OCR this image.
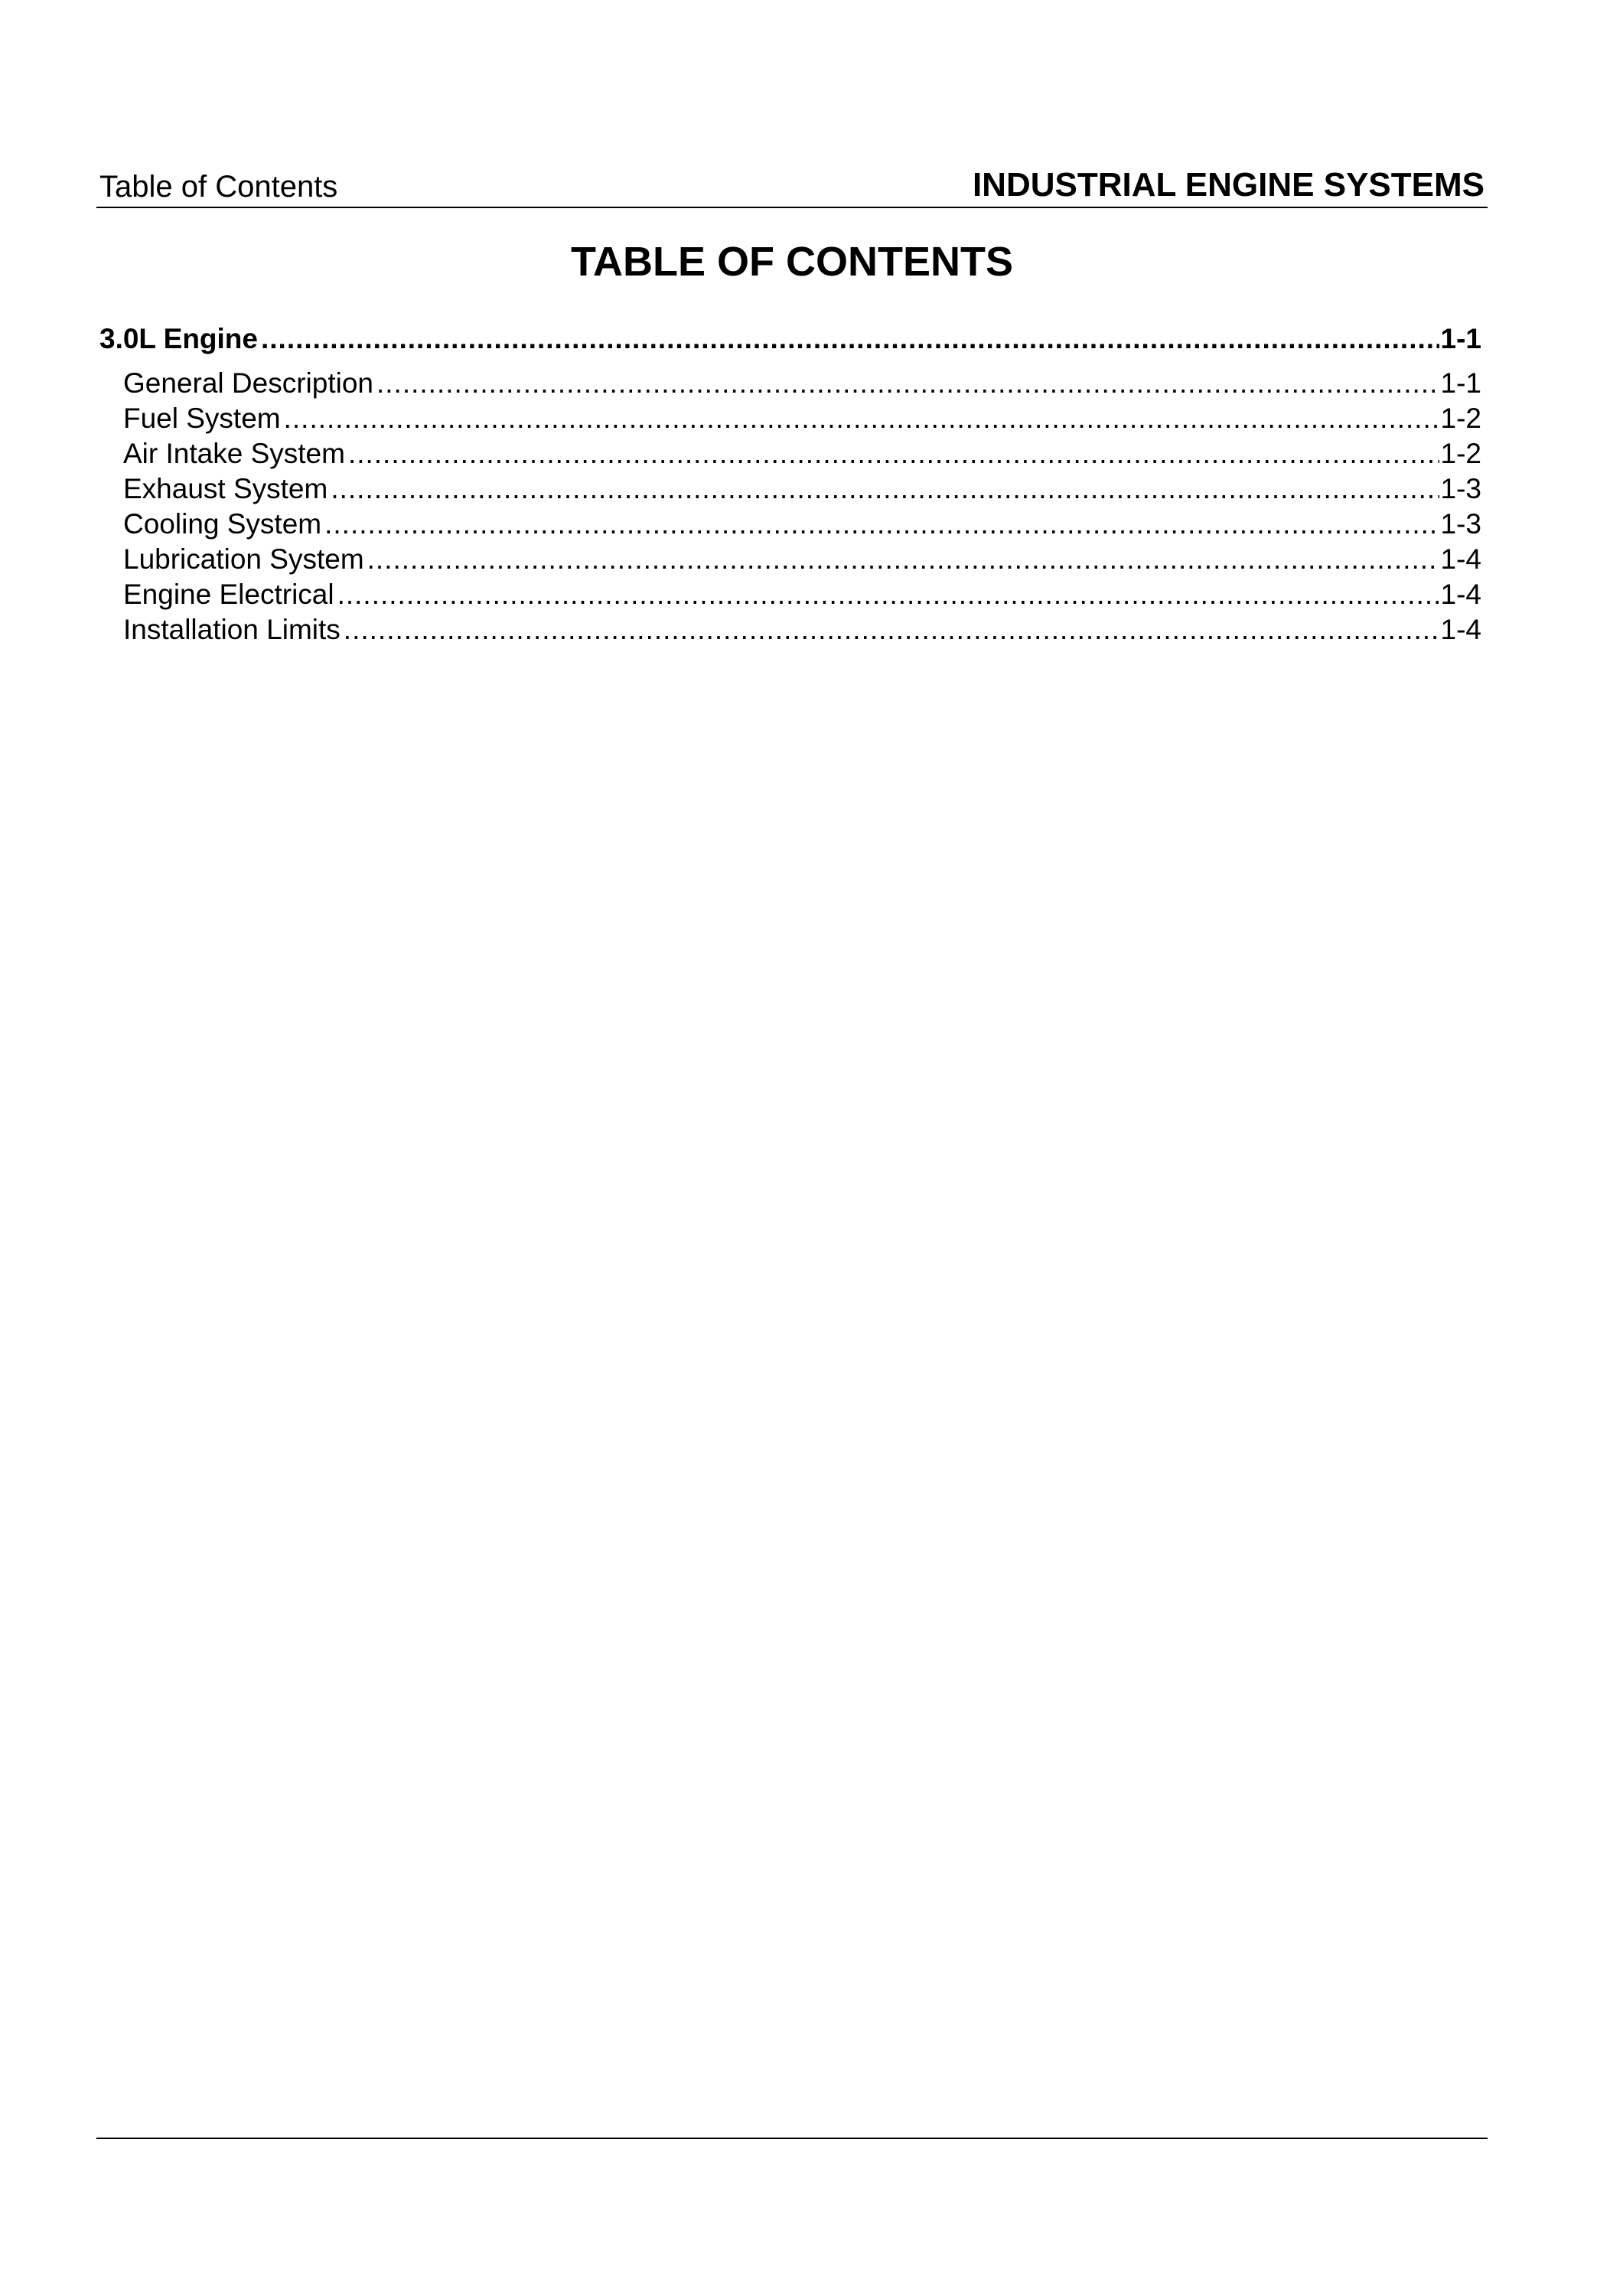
Table of Contents	INDUSTRIAL ENGINE SYSTEMS
TABLE OF CONTENTS
3.0L Engine .....	1-1
General Description .....	1-1
Fuel System .....	1-2
Air Intake System .....	1-2
Exhaust System .....	1-3
Cooling System .....	1-3
Lubrication System .....	1-4
Engine Electrical .....	1-4
Installation Limits .....	1-4
